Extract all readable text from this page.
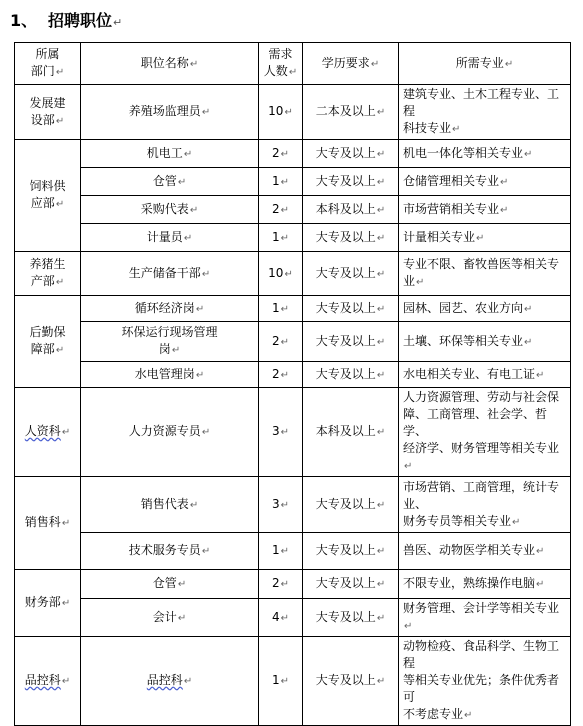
1、 招聘职位↵
所属
部门↵	职位名称↵	需求
人数↵	学历要求↵	所需专业↵
发展建
设部↵	养殖场监理员↵	10↵	二本及以上↵	建筑专业、土木工程专业、工程
科技专业↵
饲料供
应部↵	机电工↵	2↵	大专及以上↵	机电一体化等相关专业↵
	仓管↵	1↵	大专及以上↵	仓储管理相关专业↵
	采购代表↵	2↵	本科及以上↵	市场营销相关专业↵
	计量员↵	1↵	大专及以上↵	计量相关专业↵
养猪生
产部↵	生产储备干部↵	10↵	大专及以上↵	专业不限、畜牧兽医等相关专业↵
后勤保
障部↵	循环经济岗↵	1↵	大专及以上↵	园林、园艺、农业方向↵
	环保运行现场管理
岗↵	2↵	大专及以上↵	土壤、环保等相关专业↵
	水电管理岗↵	2↵	大专及以上↵	水电相关专业、有电工证↵
人资科↵	人力资源专员↵	3↵	本科及以上↵	人力资源管理、劳动与社会保
障、工商管理、社会学、哲学、
经济学、财务管理等相关专业↵
销售科↵	销售代表↵	3↵	大专及以上↵	市场营销、工商管理，统计专业、
财务专员等相关专业↵
	技术服务专员↵	1↵	大专及以上↵	兽医、动物医学相关专业↵
财务部↵	仓管↵	2↵	大专及以上↵	不限专业，熟练操作电脑↵
	会计↵	4↵	大专及以上↵	财务管理、会计学等相关专业↵
品控科↵	品控科↵	1↵	大专及以上↵	动物检疫、食品科学、生物工程
等相关专业优先；条件优秀者可
不考虑专业↵
